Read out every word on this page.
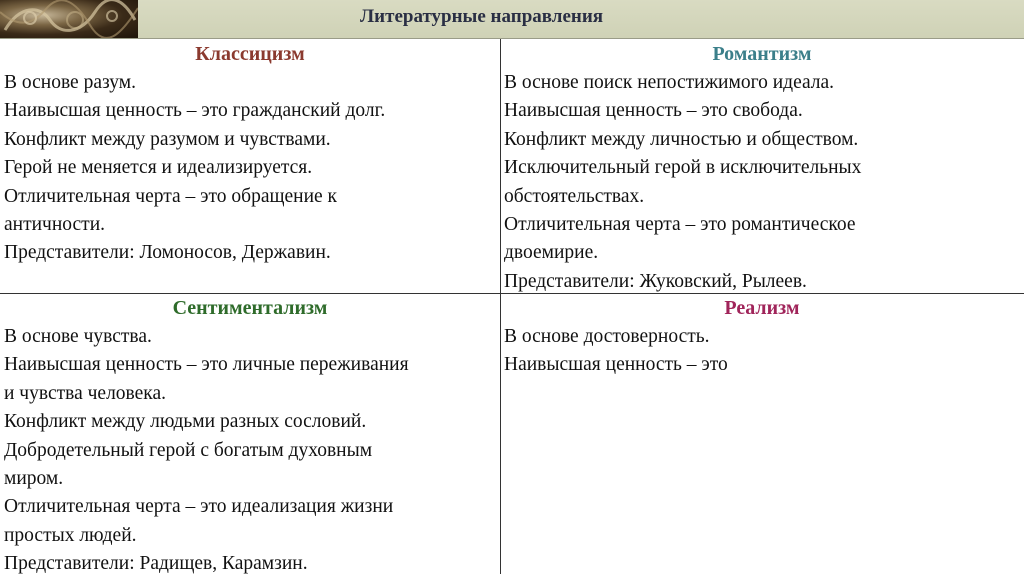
Литературные направления
Классицизм
В основе разум.
Наивысшая ценность – это гражданский долг.
Конфликт между разумом и чувствами.
Герой не меняется и идеализируется.
Отличительная черта – это обращение к
античности.
Представители: Ломоносов, Державин.
Романтизм
В основе поиск непостижимого идеала.
Наивысшая ценность – это свобода.
Конфликт между личностью и обществом.
Исключительный герой в исключительных
обстоятельствах.
Отличительная черта – это романтическое
двоемирие.
Представители: Жуковский, Рылеев.
Сентиментализм
В основе чувства.
Наивысшая ценность – это личные переживания
и чувства человека.
Конфликт между людьми разных сословий.
Добродетельный герой с богатым духовным
миром.
Отличительная черта – это идеализация жизни
простых людей.
Представители: Радищев, Карамзин.
Реализм
В основе достоверность.
Наивысшая ценность – это
